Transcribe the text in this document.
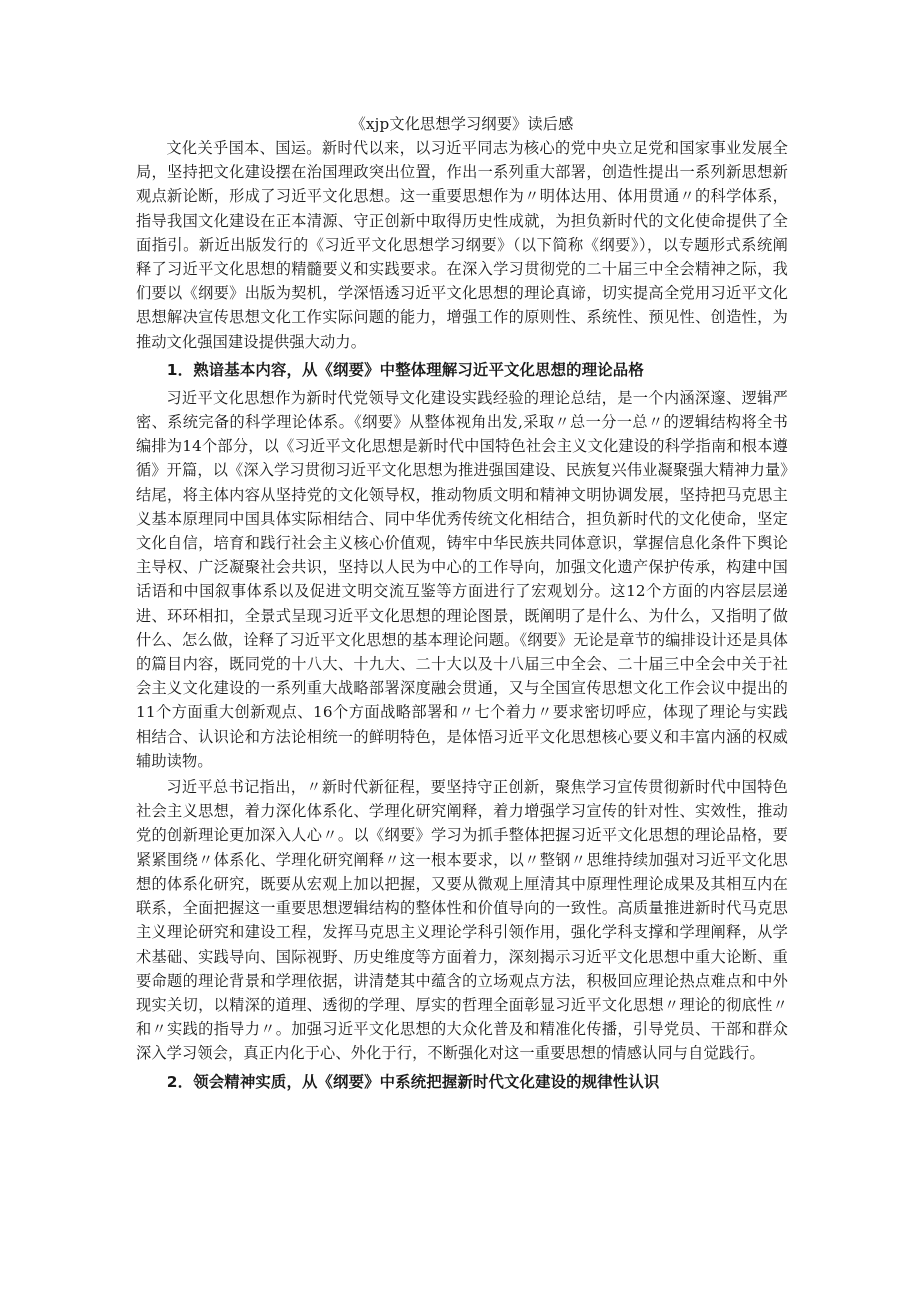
《xjp文化思想学习纲要》读后感

文化关乎国本、国运。新时代以来，以习近平同志为核心的党中央立足党和国家事业发展全局，坚持把文化建设摆在治国理政突出位置，作出一系列重大部署，创造性提出一系列新思想新观点新论断，形成了习近平文化思想。这一重要思想作为〃明体达用、体用贯通〃的科学体系，指导我国文化建设在正本清源、守正创新中取得历史性成就，为担负新时代的文化使命提供了全面指引。新近出版发行的《习近平文化思想学习纲要》（以下简称《纲要》），以专题形式系统阐释了习近平文化思想的精髓要义和实践要求。在深入学习贯彻党的二十届三中全会精神之际，我们要以《纲要》出版为契机，学深悟透习近平文化思想的理论真谛，切实提高全党用习近平文化思想解决宣传思想文化工作实际问题的能力，增强工作的原则性、系统性、预见性、创造性，为推动文化强国建设提供强大动力。

1．熟谙基本内容，从《纲要》中整体理解习近平文化思想的理论品格

习近平文化思想作为新时代党领导文化建设实践经验的理论总结，是一个内涵深邃、逻辑严密、系统完备的科学理论体系。《纲要》从整体视角出发,采取〃总一分一总〃的逻辑结构将全书编排为14个部分，以《习近平文化思想是新时代中国特色社会主义文化建设的科学指南和根本遵循》开篇，以《深入学习贯彻习近平文化思想为推进强国建设、民族复兴伟业凝聚强大精神力量》结尾，将主体内容从坚持党的文化领导权，推动物质文明和精神文明协调发展，坚持把马克思主义基本原理同中国具体实际相结合、同中华优秀传统文化相结合，担负新时代的文化使命，坚定文化自信，培育和践行社会主义核心价值观，铸牢中华民族共同体意识，掌握信息化条件下舆论主导权、广泛凝聚社会共识，坚持以人民为中心的工作导向，加强文化遗产保护传承，构建中国话语和中国叙事体系以及促进文明交流互鉴等方面进行了宏观划分。这12个方面的内容层层递进、环环相扣，全景式呈现习近平文化思想的理论图景，既阐明了是什么、为什么，又指明了做什么、怎么做，诠释了习近平文化思想的基本理论问题。《纲要》无论是章节的编排设计还是具体的篇目内容，既同党的十八大、十九大、二十大以及十八届三中全会、二十届三中全会中关于社会主义文化建设的一系列重大战略部署深度融会贯通，又与全国宣传思想文化工作会议中提出的11个方面重大创新观点、16个方面战略部署和〃七个着力〃要求密切呼应，体现了理论与实践相结合、认识论和方法论相统一的鲜明特色，是体悟习近平文化思想核心要义和丰富内涵的权威辅助读物。

习近平总书记指出，〃新时代新征程，要坚持守正创新，聚焦学习宣传贯彻新时代中国特色社会主义思想，着力深化体系化、学理化研究阐释，着力增强学习宣传的针对性、实效性，推动党的创新理论更加深入人心〃。以《纲要》学习为抓手整体把握习近平文化思想的理论品格，要紧紧围绕〃体系化、学理化研究阐释〃这一根本要求，以〃整钢〃思维持续加强对习近平文化思想的体系化研究，既要从宏观上加以把握，又要从微观上厘清其中原理性理论成果及其相互内在联系，全面把握这一重要思想逻辑结构的整体性和价值导向的一致性。高质量推进新时代马克思主义理论研究和建设工程，发挥马克思主义理论学科引领作用，强化学科支撑和学理阐释，从学术基础、实践导向、国际视野、历史维度等方面着力，深刻揭示习近平文化思想中重大论断、重要命题的理论背景和学理依据，讲清楚其中蕴含的立场观点方法，积极回应理论热点难点和中外现实关切，以精深的道理、透彻的学理、厚实的哲理全面彰显习近平文化思想〃理论的彻底性〃和〃实践的指导力〃。加强习近平文化思想的大众化普及和精准化传播，引导党员、干部和群众深入学习领会，真正内化于心、外化于行，不断强化对这一重要思想的情感认同与自觉践行。

2．领会精神实质，从《纲要》中系统把握新时代文化建设的规律性认识
